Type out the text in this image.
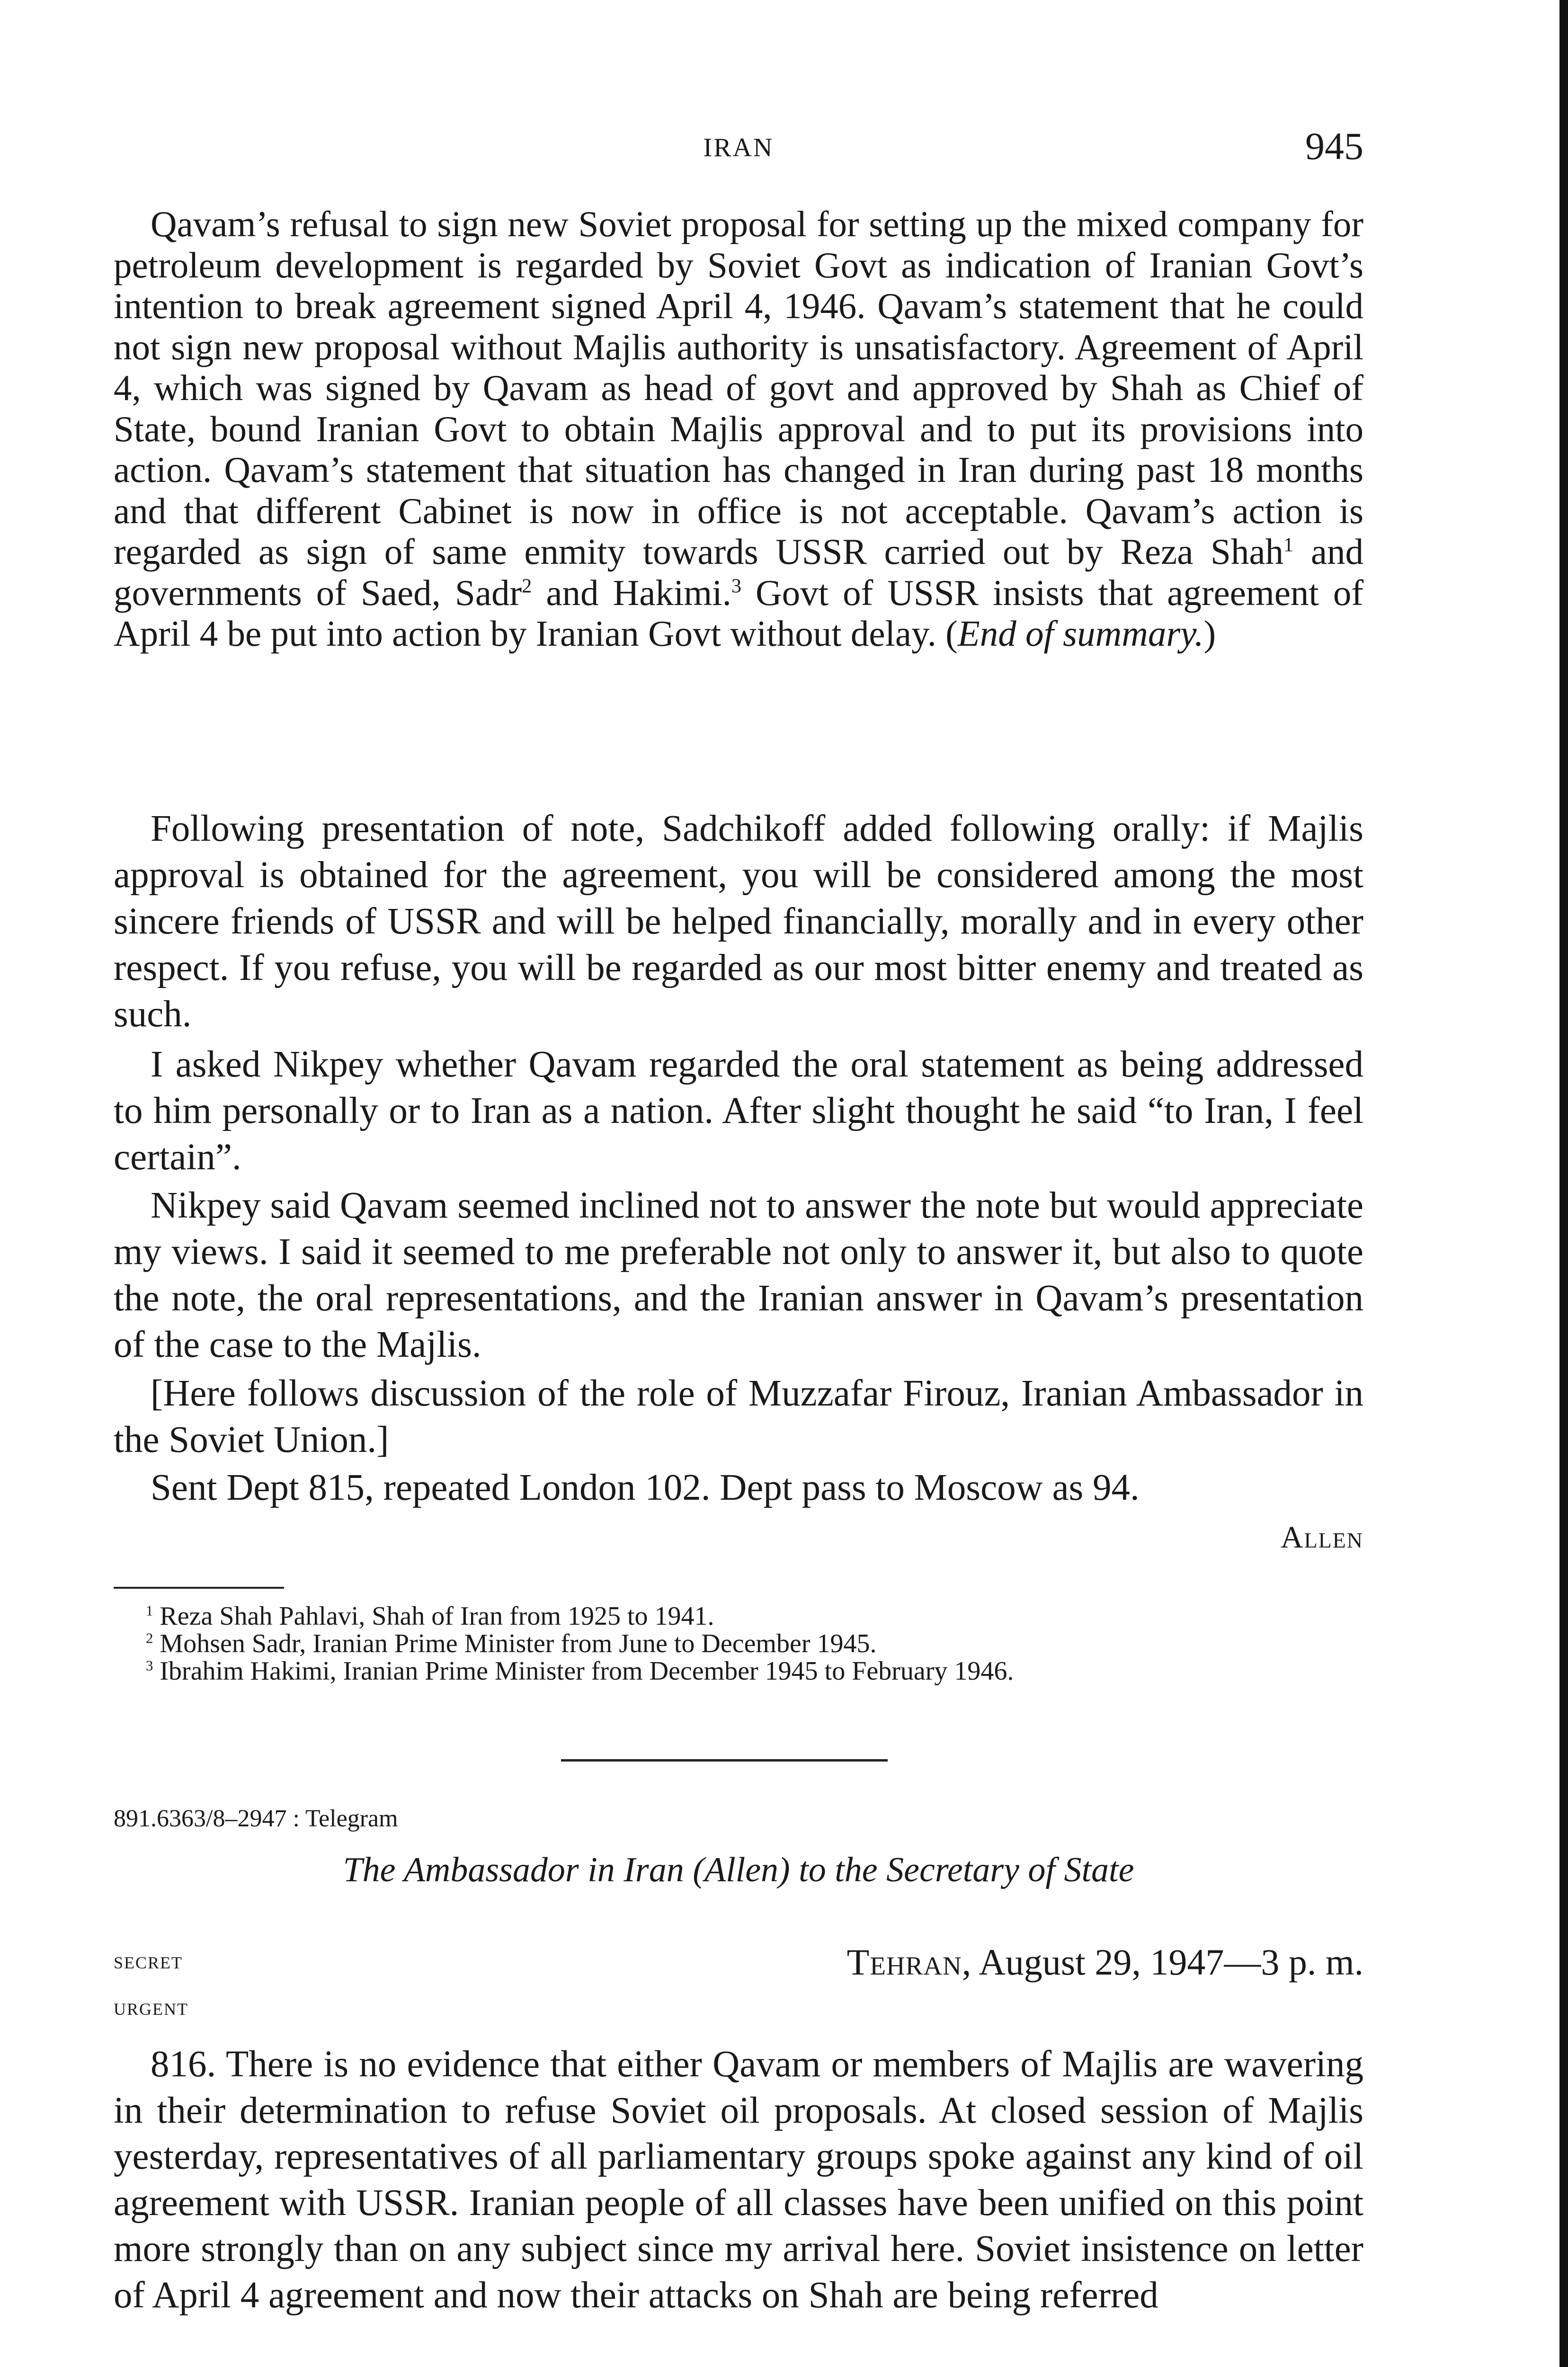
IRAN	945

Qavam’s refusal to sign new Soviet proposal for setting up the mixed company for petroleum development is regarded by Soviet Govt as indication of Iranian Govt’s intention to break agreement signed April 4, 1946. Qavam’s statement that he could not sign new proposal without Majlis authority is unsatisfactory. Agreement of April 4, which was signed by Qavam as head of govt and approved by Shah as Chief of State, bound Iranian Govt to obtain Majlis approval and to put its provisions into action. Qavam’s statement that situation has changed in Iran during past 18 months and that different Cabinet is now in office is not acceptable. Qavam’s action is regarded as sign of same enmity towards USSR carried out by Reza Shah$^1$ and governments of Saed, Sadr$^2$ and Hakimi.$^3$ Govt of USSR insists that agreement of April 4 be put into action by Iranian Govt without delay. (End of summary.)

Following presentation of note, Sadchikoff added following orally: if Majlis approval is obtained for the agreement, you will be considered among the most sincere friends of USSR and will be helped financially, morally and in every other respect. If you refuse, you will be regarded as our most bitter enemy and treated as such.

I asked Nikpey whether Qavam regarded the oral statement as being addressed to him personally or to Iran as a nation. After slight thought he said “to Iran, I feel certain”.

Nikpey said Qavam seemed inclined not to answer the note but would appreciate my views. I said it seemed to me preferable not only to answer it, but also to quote the note, the oral representations, and the Iranian answer in Qavam’s presentation of the case to the Majlis.

[Here follows discussion of the role of Muzzafar Firouz, Iranian Ambassador in the Soviet Union.]

Sent Dept 815, repeated London 102. Dept pass to Moscow as 94.

Allen
$^1$ Reza Shah Pahlavi, Shah of Iran from 1925 to 1941.
$^2$ Mohsen Sadr, Iranian Prime Minister from June to December 1945.
$^3$ Ibrahim Hakimi, Iranian Prime Minister from December 1945 to February 1946.
891.6363/8–2947 : Telegram
The Ambassador in Iran (Allen) to the Secretary of State
secret
urgent
Tehran, August 29, 1947—3 p. m.

816. There is no evidence that either Qavam or members of Majlis are wavering in their determination to refuse Soviet oil proposals. At closed session of Majlis yesterday, representatives of all parliamentary groups spoke against any kind of oil agreement with USSR. Iranian people of all classes have been unified on this point more strongly than on any subject since my arrival here. Soviet insistence on letter of April 4 agreement and now their attacks on Shah are being referred
